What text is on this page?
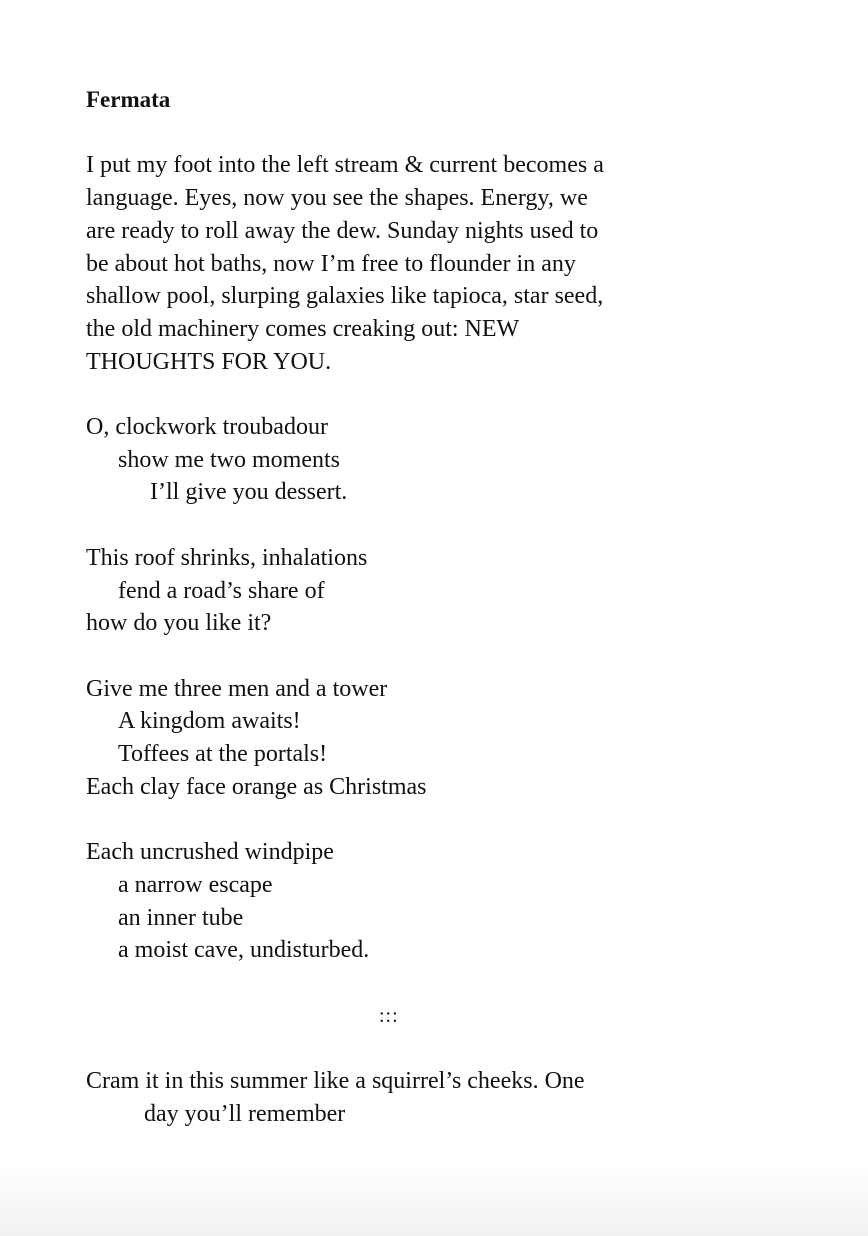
Fermata
I put my foot into the left stream & current becomes a
language. Eyes, now you see the shapes. Energy, we
are ready to roll away the dew. Sunday nights used to
be about hot baths, now I’m free to flounder in any
shallow pool, slurping galaxies like tapioca, star seed,
the old machinery comes creaking out: NEW
THOUGHTS FOR YOU.
O, clockwork troubadour
show me two moments
I’ll give you dessert.
This roof shrinks, inhalations
fend a road’s share of
how do you like it?
Give me three men and a tower
A kingdom awaits!
Toffees at the portals!
Each clay face orange as Christmas
Each uncrushed windpipe
a narrow escape
an inner tube
a moist cave, undisturbed.
:::
Cram it in this summer like a squirrel’s cheeks. One
day you’ll remember
